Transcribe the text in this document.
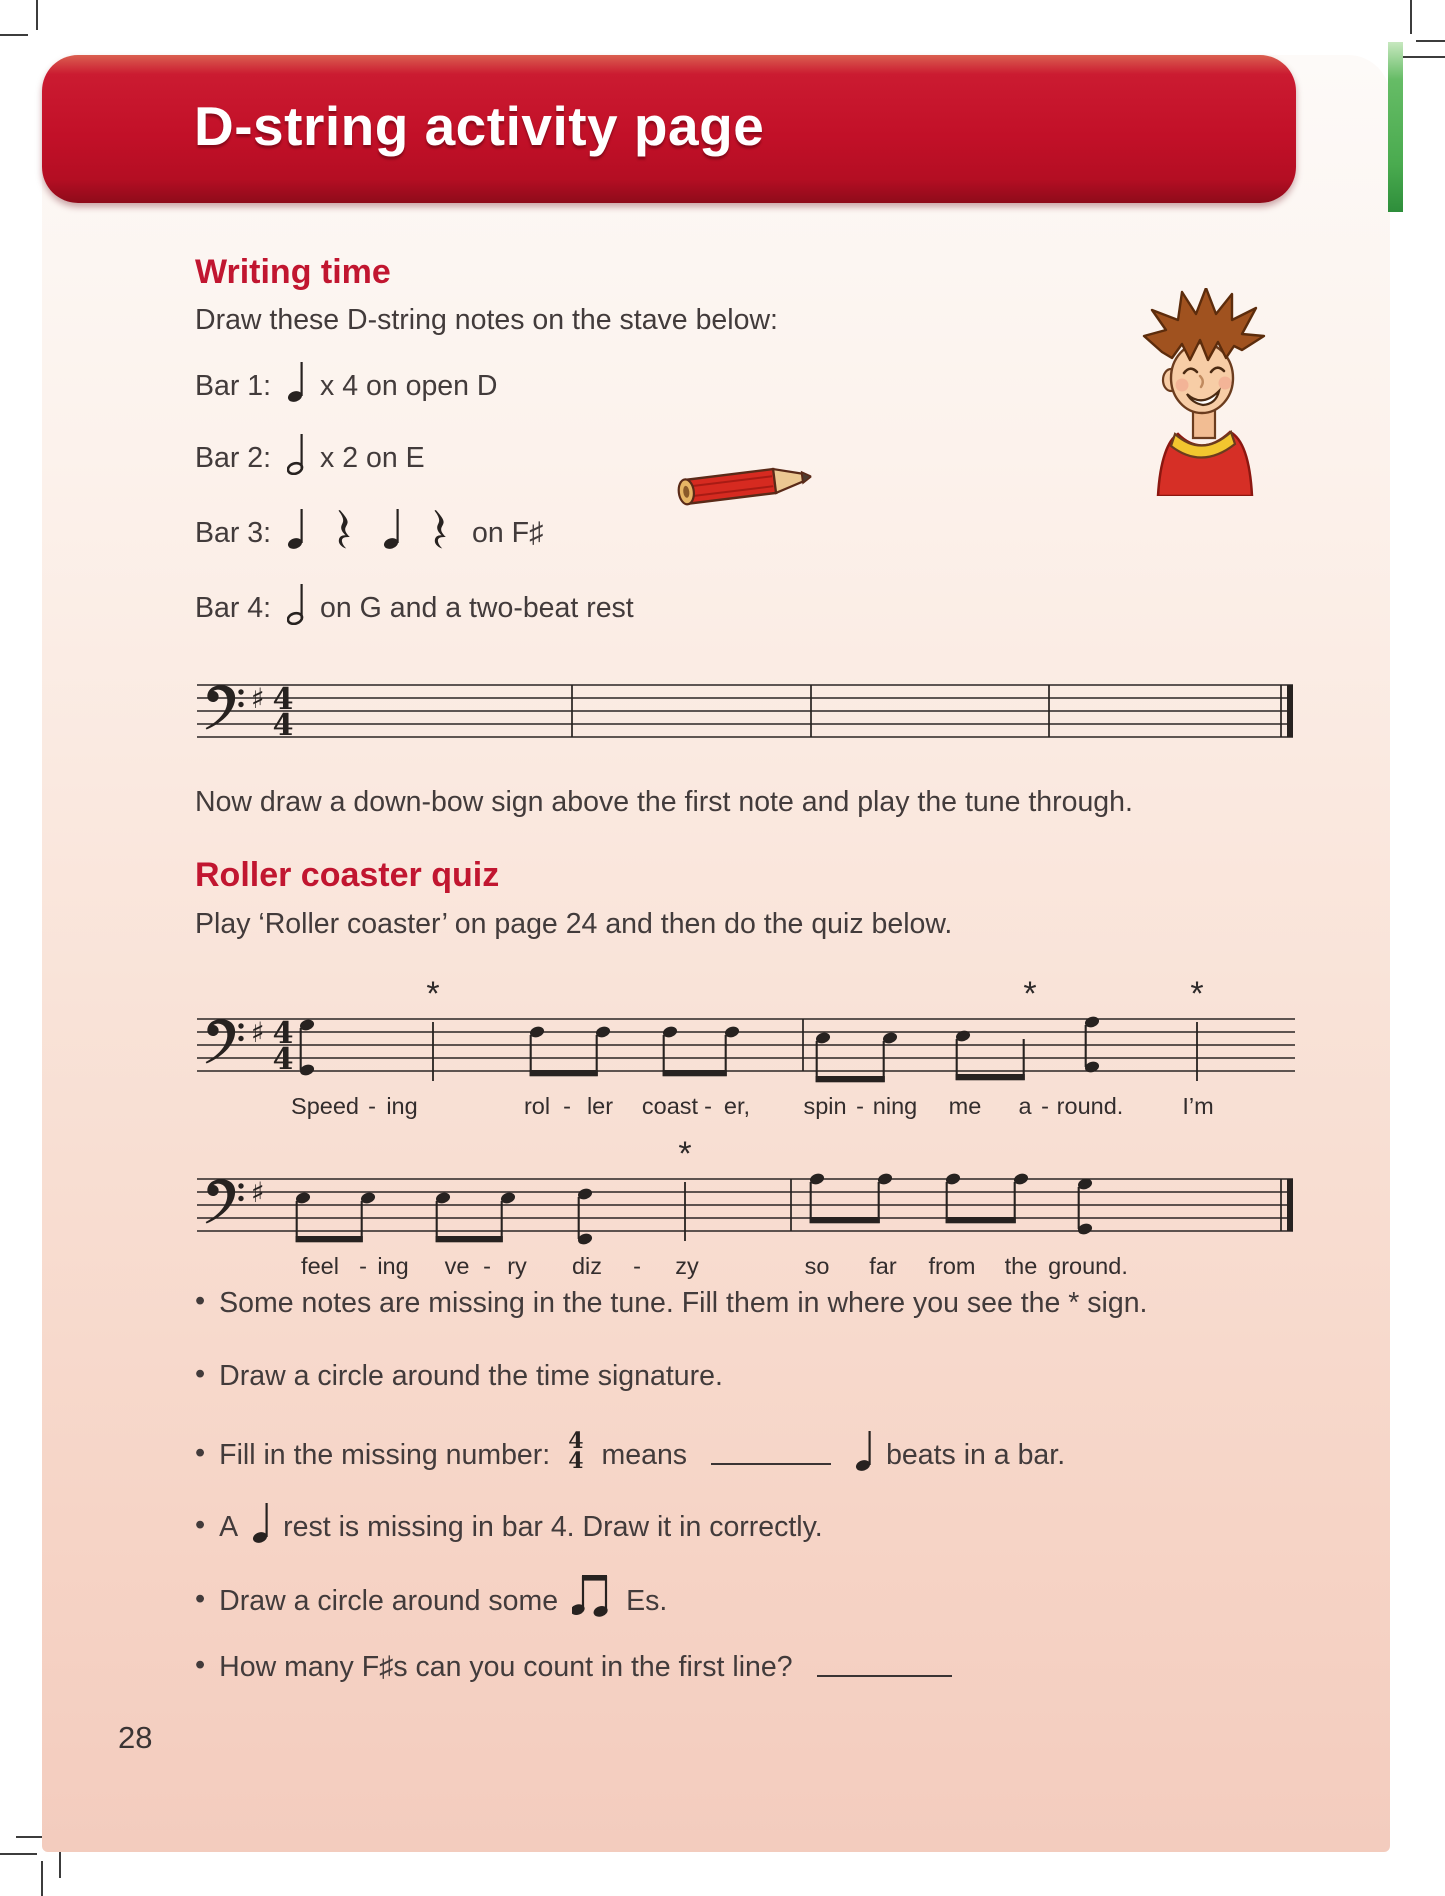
D-string activity page
Writing time
Draw these D-string notes on the stave below:
Bar 1: x 4 on open D
Bar 2: x 2 on E
Bar 3:	on F♯
Bar 4: on G and a two-beat rest
♯ 4
4
Now draw a down-bow sign above the first note and play the tune through.
Roller coaster quiz
Play ‘Roller coaster’ on page 24 and then do the quiz below.
♯ 4
4
*	*	*
Speed - ing	rol - ler coast - er, spin - ning me a - round.	I’m
♯
*
feel - ing ve - ry diz - zy	so far from the ground.
• Some notes are missing in the tune. Fill them in where you see the * sign.
• Draw a circle around the time signature.
• Fill in the missing number: 4
4 means	beats in a bar.
• A rest is missing in bar 4. Draw it in correctly.
• Draw a circle around some Es.
• How many F♯s can you count in the first line?
28
